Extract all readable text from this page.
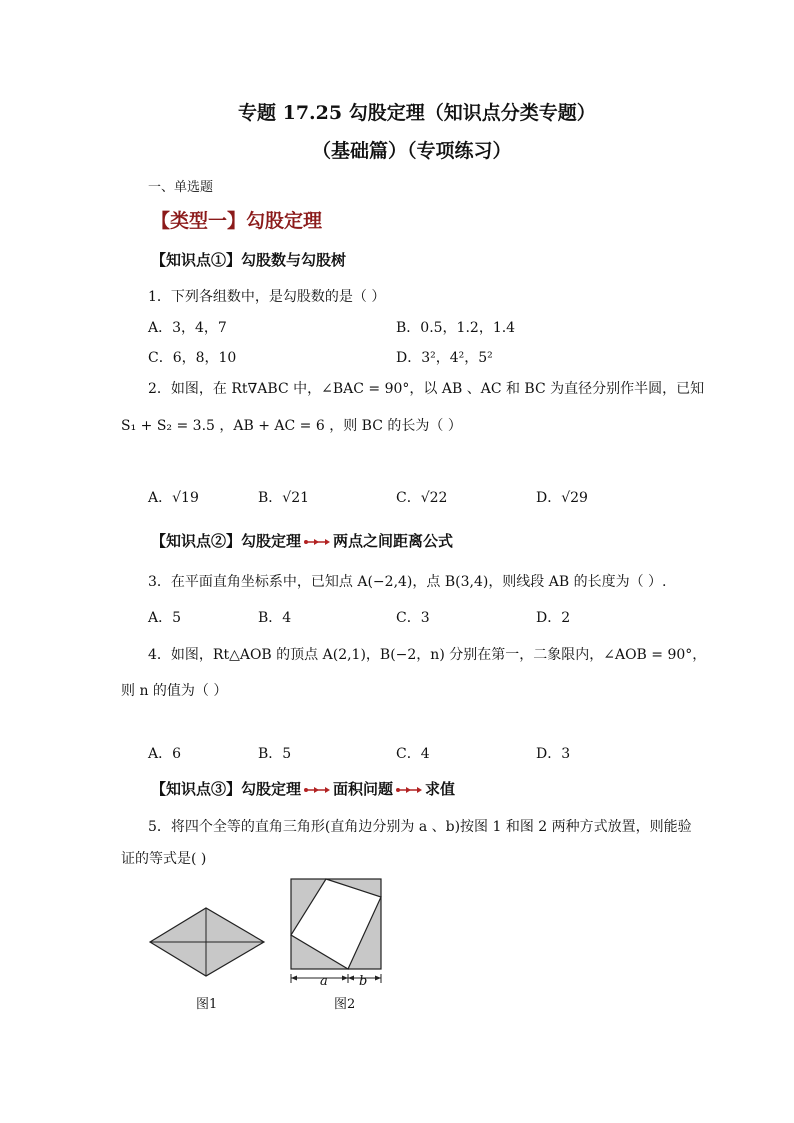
专题 17.25 勾股定理（知识点分类专题）
（基础篇）（专项练习）
一、单选题
【类型一】勾股定理
【知识点①】勾股数与勾股树
1．下列各组数中，是勾股数的是（ ）
A．3，4，7	B．0.5，1.2，1.4
C．6，8，10	D．3²，4²，5²
2．如图，在 Rt∇ABC 中，∠BAC = 90°，以 AB 、AC 和 BC 为直径分别作半圆，已知
S₁ + S₂ = 3.5 ，AB + AC = 6 ，则 BC 的长为（ ）
A．√19	B．√21	C．√22	D．√29
【知识点②】勾股定理 两点之间距离公式
3．在平面直角坐标系中，已知点 A(−2,4)，点 B(3,4)，则线段 AB 的长度为（ ）.
A．5	B．4	C．3	D．2
4．如图，Rt△AOB 的顶点 A(2,1)，B(−2，n) 分别在第一，二象限内，∠AOB = 90°，
则 n 的值为（ ）
A．6	B．5	C．4	D．3
【知识点③】勾股定理 面积问题 求值
5．将四个全等的直角三角形(直角边分别为 a 、b)按图 1 和图 2 两种方式放置，则能验
证的等式是( )
图1
a b
图2
